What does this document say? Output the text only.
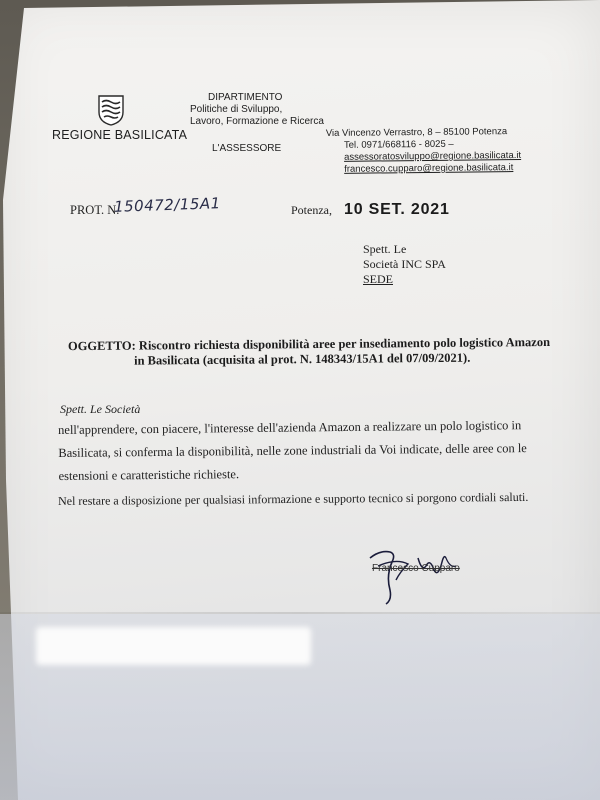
REGIONE BASILICATA
DIPARTIMENTO
Politiche di Sviluppo,
Lavoro, Formazione e Ricerca
L'ASSESSORE
Via Vincenzo Verrastro, 8 – 85100 Potenza
Tel. 0971/668116 - 8025 –
assessoratosviluppo@regione.basilicata.it
francesco.cupparo@regione.basilicata.it
PROT. N.
150472/15A1	Potenza, 10 SET. 2021
Spett. Le
Società INC SPA
SEDE
OGGETTO: Riscontro richiesta disponibilità aree per insediamento polo logistico Amazon
in Basilicata (acquisita al prot. N. 148343/15A1 del 07/09/2021).
Spett. Le Società
nell'apprendere, con piacere, l'interesse dell'azienda Amazon a realizzare un polo logistico in
Basilicata, si conferma la disponibilità, nelle zone industriali da Voi indicate, delle aree con le
estensioni e caratteristiche richieste.
Nel restare a disposizione per qualsiasi informazione e supporto tecnico si porgono cordiali saluti.
Francesco Cupparo
